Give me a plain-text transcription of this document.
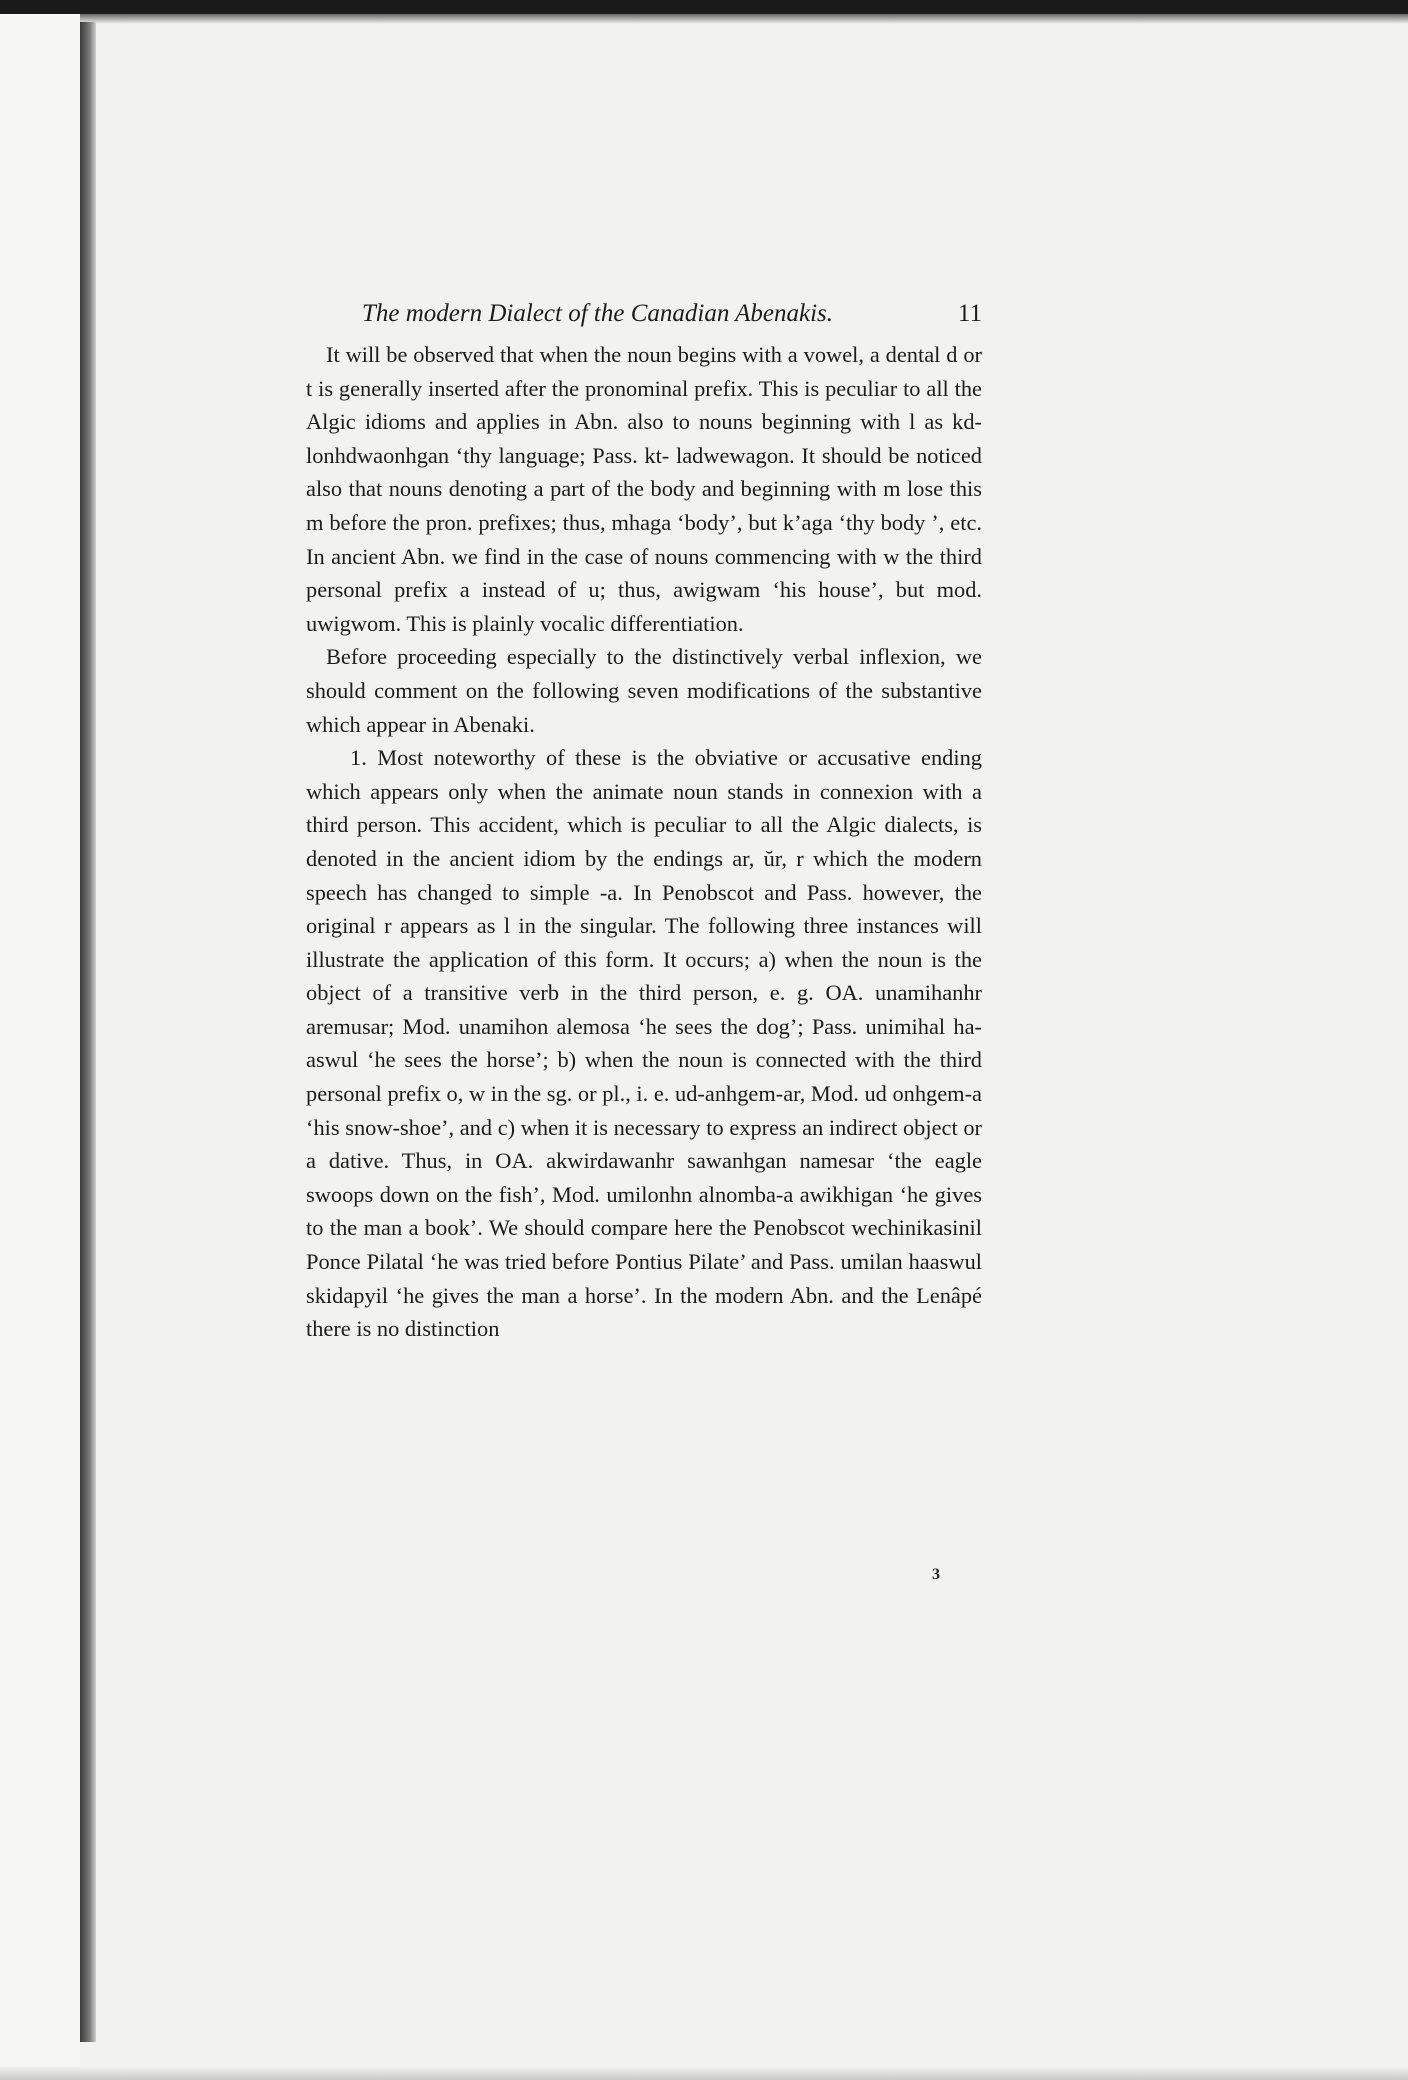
The modern Dialect of the Canadian Abenakis.	11

It will be observed that when the noun begins with a vowel, a dental d or t is generally inserted after the pronominal prefix. This is peculiar to all the Algic idioms and applies in Abn. also to nouns beginning with l as kd- lonhdwaonhgan ‘thy language; Pass. kt- ladwewagon. It should be noticed also that nouns denoting a part of the body and beginning with m lose this m before the pron. prefixes; thus, mhaga ‘body’, but k’aga ‘thy body ’, etc. In ancient Abn. we find in the case of nouns commencing with w the third personal prefix a instead of u; thus, awigwam ‘his house’, but mod. uwigwom. This is plainly vocalic differentiation.

Before proceeding especially to the distinctively verbal inflexion, we should comment on the following seven modifications of the substantive which appear in Abenaki.

1. Most noteworthy of these is the obviative or accusative ending which appears only when the animate noun stands in connexion with a third person. This accident, which is peculiar to all the Algic dialects, is denoted in the ancient idiom by the endings ar, ŭr, r which the modern speech has changed to simple -a. In Penobscot and Pass. however, the original r appears as l in the singular. The following three instances will illustrate the application of this form. It occurs; a) when the noun is the object of a transitive verb in the third person, e. g. OA. unamihanhr aremusar; Mod. unamihon alemosa ‘he sees the dog’; Pass. unimihal ha-aswul ‘he sees the horse’; b) when the noun is connected with the third personal prefix o, w in the sg. or pl., i. e. ud-anhgem-ar, Mod. ud onhgem-a ‘his snow-shoe’, and c) when it is necessary to express an indirect object or a dative. Thus, in OA. akwirdawanhr sawanhgan namesar ‘the eagle swoops down on the fish’, Mod. umilonhn alnomba-a awikhigan ‘he gives to the man a book’. We should compare here the Penobscot wechinikasinil Ponce Pilatal ‘he was tried before Pontius Pilate’ and Pass. umilan haaswul skidapyil ‘he gives the man a horse’. In the modern Abn. and the Lenâpé there is no distinction

3
